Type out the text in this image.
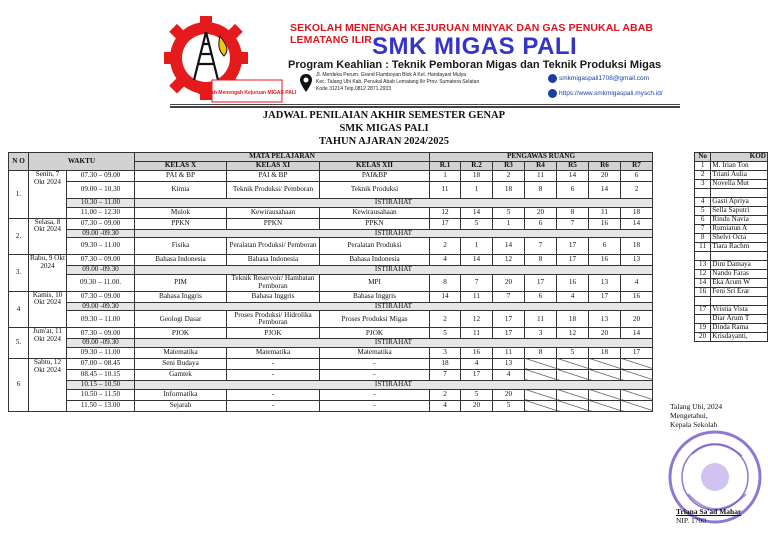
Sekolah Menengah Kejuruan MIGAS PALI
SEKOLAH MENENGAH KEJURUAN MINYAK DAN GAS PENUKAL ABAB LEMATANG ILIR SMK MIGAS PALI
Program Keahlian : Teknik Pemboran Migas dan Teknik Produksi Migas
Jl. Merdeka Perum. Grand Flamboyan Blok A Kel. Handayani Mulya
Kec. Talang Ubi Kab. Penukal Abab Lematang Ilir Prov. Sumatera Selatan
Kode 31214 Telp.0812 2871 2933
smkmigaspali1708@gmail.com
https://www.smkmigaspali.mysch.id/
JADWAL PENILAIAN AKHIR SEMESTER GENAP
SMK MIGAS PALI
TAHUN AJARAN 2024/2025
N O	WAKTU		MATA PELAJARAN			PENGAWAS RUANG						
			KELAS X	KELAS XI	KELAS XII	R.1	R.2	R3	R4	R5	R6	R7
1.	Senin, 7 Okt 2024	07.30 – 09.00	PAI & BP	PAI & BP	PAI&BP	1	18	2	11	14	20	6
		09.00 – 10.30	Kimia	Teknik Produksi/ Pemboran	Teknik Produksi	11	1	18	8	6	14	2
		10.30 – 11.00	ISTIRAHAT									
		11.00 – 12.30	Mulok	Kewirausahaan	Kewirausahaan	12	14	5	20	8	11	18
2.	Selasa, 8 Okt 2024	07.30 – 09.00	PPKN	PPKN	PPKN	17	5	1	6	7	16	14
		09.00 -09.30	ISTIRAHAT									
		09.30 – 11.00	Fisika	Peralatan Produksi/ Pemboran	Peralatan Produksi	2	1	14	7	17	6	18
3.	Rabu, 9 Okt 2024	07.30 – 09.00	Bahasa Indonesia	Bahasa Indonesia	Bahasa Indonesia	4	14	12	8	17	16	13
		09.00 -09.30	ISTIRAHAT									
		09.30 – 11.00.	PIM	Teknik Reservoir/ Hambatan Pemboran	MPI	8	7	20	17	16	13	4
4	Kamis, 10 Okt 2024	07.30 – 09.00	Bahasa Inggris	Bahasa Inggris	Bahasa Inggris	14	11	7	6	4	17	16
		09.00 -09.30	ISTIRAHAT									
		09.30 – 11.00	Geologi Dasar	Proses Produksi/ Hidrolika Pemboran	Proses Produksi Migas	2	12	17	11	18	13	20
5.	Jum'at, 11 Okt 2024	07.30 – 09.00	PJOK	PJOK	PJOK	5	11	17	3	12	20	14
		09.00 -09.30	ISTIRAHAT									
		09.30 – 11.00	Matematika	Matematika	Matematika	3	16	11	8	5	18	17
6	Sabtu, 12 Okt 2024	07.00 – 08.45	Seni Budaya	-	-	18	4	13				
		08.45 – 10.15	Gamtek	-	-	7	17	4				
		10.15 – 10.50	ISTIRAHAT									
		10.50 – 11.50	Informatika	-	-	2	5	20				
		11.50 – 13.00	Sejarah	-	-	4	20	5				
No	KOD
1	M. Irian Ton
2	Triani Aulia
3	Novella Mut

4	Gasti Apriya
5	Sella Saputri
6	Rindu Navia
7	Rumiatun A
8	Shelvi Octa
11	Tiara Rachm

13	Dini Damaya
12	Nando Faras
14	Eka Arum W
16	Feni Sri Erar

17	Vristia Vista
	Diar Arum T
19	Dinda Rama
20	Krisdayanti,
Talang Ubi, 2024
Mengetahui,
Kepala Sekolah
Triana Sa'ad Mahar
NIP. 1700
